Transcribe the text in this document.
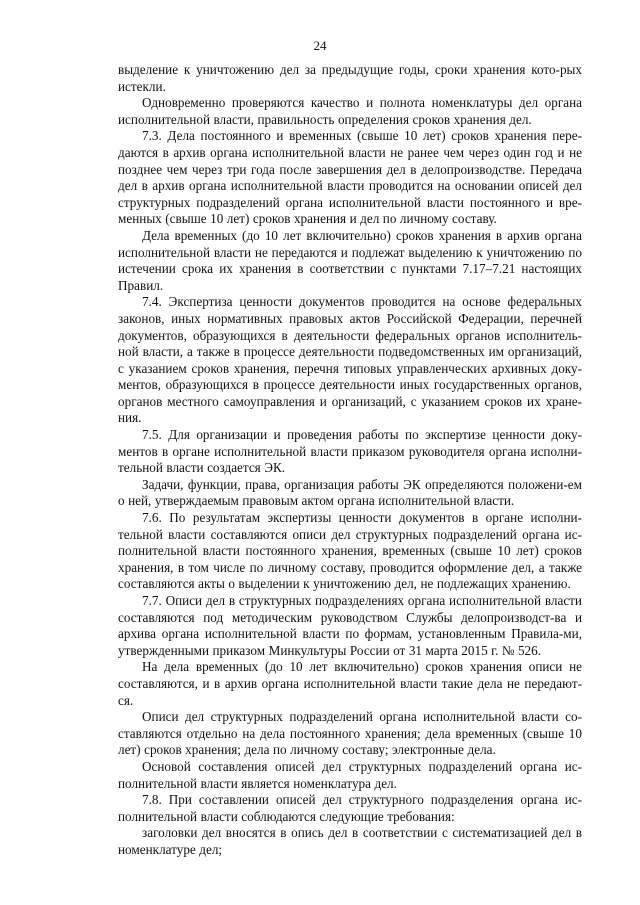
24

выделение к уничтожению дел за предыдущие годы, сроки хранения кото-рых истекли.

Одновременно проверяются качество и полнота номенклатуры дел органа исполнительной власти, правильность определения сроков хранения дел.

7.3. Дела постоянного и временных (свыше 10 лет) сроков хранения пере-даются в архив органа исполнительной власти не ранее чем через один год и не позднее чем через три года после завершения дел в делопроизводстве. Передача дел в архив органа исполнительной власти проводится на основании описей дел структурных подразделений органа исполнительной власти постоянного и вре-менных (свыше 10 лет) сроков хранения и дел по личному составу.

Дела временных (до 10 лет включительно) сроков хранения в архив органа исполнительной власти не передаются и подлежат выделению к уничтожению по истечении срока их хранения в соответствии с пунктами 7.17–7.21 настоящих Правил.

7.4. Экспертиза ценности документов проводится на основе федеральных законов, иных нормативных правовых актов Российской Федерации, перечней документов, образующихся в деятельности федеральных органов исполнитель-ной власти, а также в процессе деятельности подведомственных им организаций, с указанием сроков хранения, перечня типовых управленческих архивных доку-ментов, образующихся в процессе деятельности иных государственных органов, органов местного самоуправления и организаций, с указанием сроков их хране-ния.

7.5. Для организации и проведения работы по экспертизе ценности доку-ментов в органе исполнительной власти приказом руководителя органа исполни-тельной власти создается ЭК.

Задачи, функции, права, организация работы ЭК определяются положени-ем о ней, утверждаемым правовым актом органа исполнительной власти.

7.6. По результатам экспертизы ценности документов в органе исполни-тельной власти составляются описи дел структурных подразделений органа ис-полнительной власти постоянного хранения, временных (свыше 10 лет) сроков хранения, в том числе по личному составу, проводится оформление дел, а также составляются акты о выделении к уничтожению дел, не подлежащих хранению.

7.7. Описи дел в структурных подразделениях органа исполнительной власти составляются под методическим руководством Службы делопроизводст-ва и архива органа исполнительной власти по формам, установленным Правила-ми, утвержденными приказом Минкультуры России от 31 марта 2015 г. № 526.

На дела временных (до 10 лет включительно) сроков хранения описи не составляются, и в архив органа исполнительной власти такие дела не передают-ся.

Описи дел структурных подразделений органа исполнительной власти со-ставляются отдельно на дела постоянного хранения; дела временных (свыше 10 лет) сроков хранения; дела по личному составу; электронные дела.

Основой составления описей дел структурных подразделений органа ис-полнительной власти является номенклатура дел.

7.8. При составлении описей дел структурного подразделения органа ис-полнительной власти соблюдаются следующие требования:

заголовки дел вносятся в опись дел в соответствии с систематизацией дел в номенклатуре дел;
